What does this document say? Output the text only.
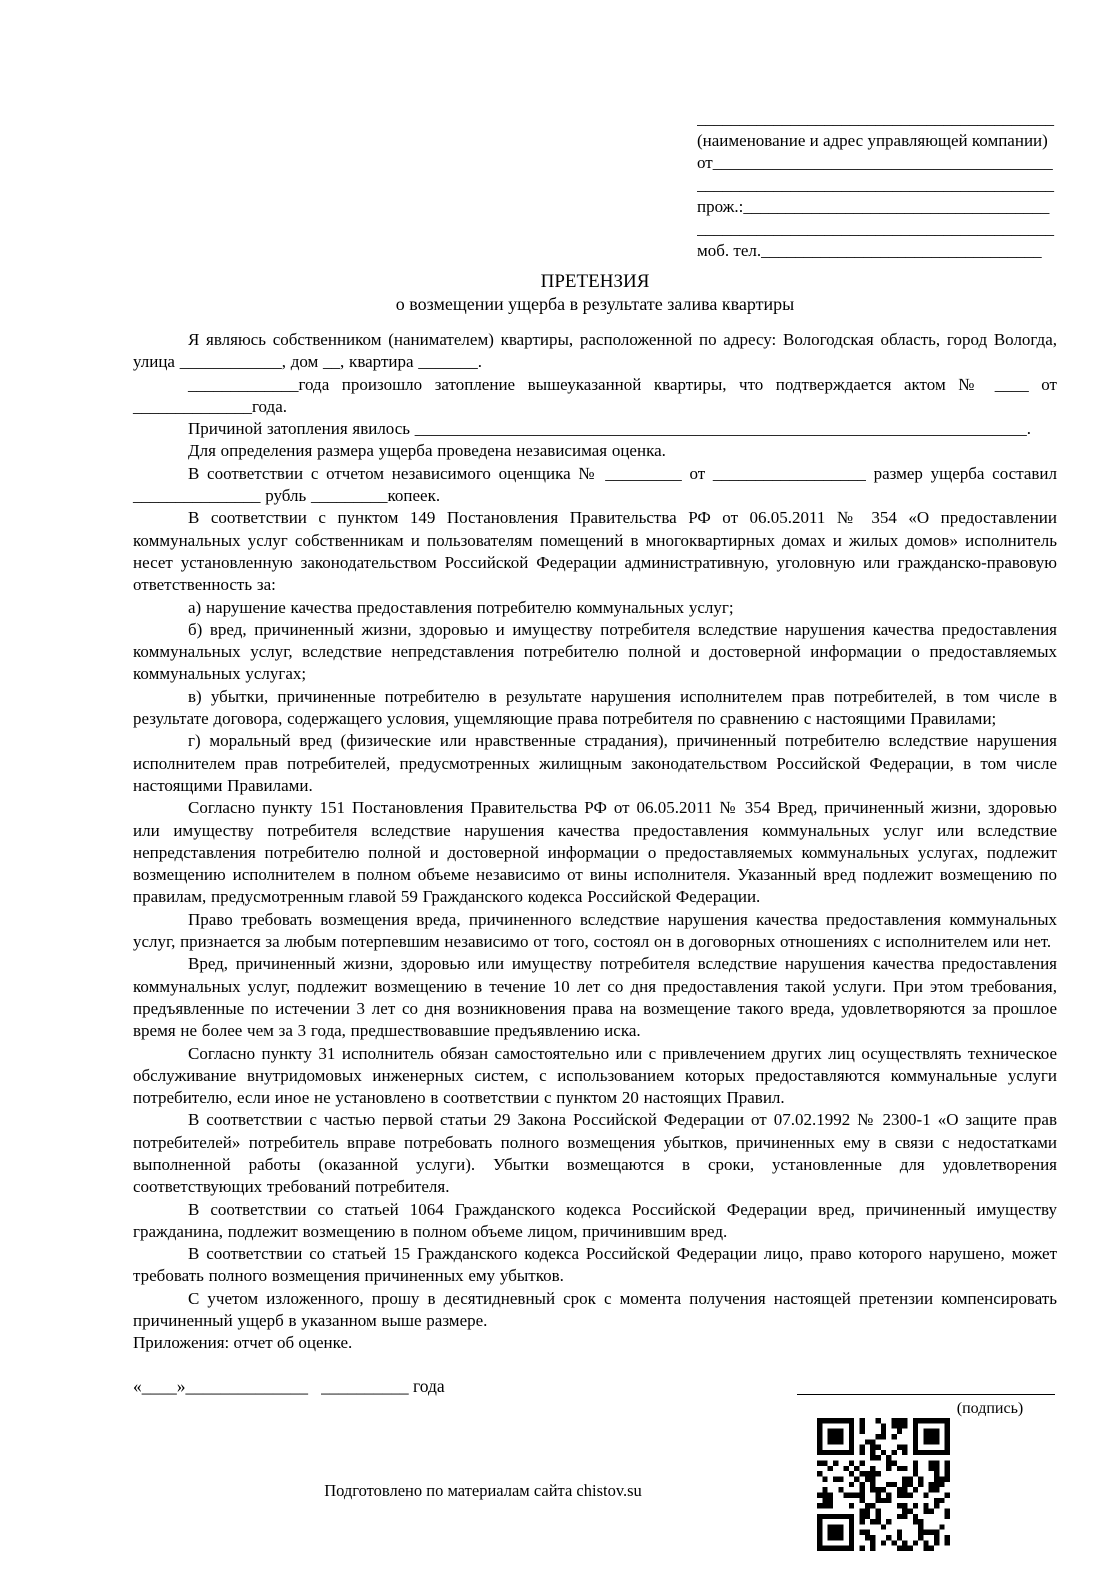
__________________________________________
(наименование и адрес управляющей компании)
от________________________________________
__________________________________________
прож.:____________________________________
__________________________________________
моб. тел._________________________________
ПРЕТЕНЗИЯ
о возмещении ущерба в результате залива квартиры

Я являюсь собственником (нанимателем) квартиры, расположенной по адресу: Вологодская область, город Вологда, улица ____________, дом __, квартира _______.

_____________года произошло затопление вышеуказанной квартиры, что подтверждается актом № ____ от ______________года.

Причиной затопления явилось ________________________________________________________________________.

Для определения размера ущерба проведена независимая оценка.

В соответствии с отчетом независимого оценщика № _________ от __________________ размер ущерба составил _______________ рубль _________копеек.

В соответствии с пунктом 149 Постановления Правительства РФ от 06.05.2011 № 354 «О предоставлении коммунальных услуг собственникам и пользователям помещений в многоквартирных домах и жилых домов» исполнитель несет установленную законодательством Российской Федерации административную, уголовную или гражданско-правовую ответственность за:

а) нарушение качества предоставления потребителю коммунальных услуг;

б) вред, причиненный жизни, здоровью и имуществу потребителя вследствие нарушения качества предоставления коммунальных услуг, вследствие непредставления потребителю полной и достоверной информации о предоставляемых коммунальных услугах;

в) убытки, причиненные потребителю в результате нарушения исполнителем прав потребителей, в том числе в результате договора, содержащего условия, ущемляющие права потребителя по сравнению с настоящими Правилами;

г) моральный вред (физические или нравственные страдания), причиненный потребителю вследствие нарушения исполнителем прав потребителей, предусмотренных жилищным законодательством Российской Федерации, в том числе настоящими Правилами.

Согласно пункту 151 Постановления Правительства РФ от 06.05.2011 № 354 Вред, причиненный жизни, здоровью или имуществу потребителя вследствие нарушения качества предоставления коммунальных услуг или вследствие непредставления потребителю полной и достоверной информации о предоставляемых коммунальных услугах, подлежит возмещению исполнителем в полном объеме независимо от вины исполнителя. Указанный вред подлежит возмещению по правилам, предусмотренным главой 59 Гражданского кодекса Российской Федерации.

Право требовать возмещения вреда, причиненного вследствие нарушения качества предоставления коммунальных услуг, признается за любым потерпевшим независимо от того, состоял он в договорных отношениях с исполнителем или нет.

Вред, причиненный жизни, здоровью или имуществу потребителя вследствие нарушения качества предоставления коммунальных услуг, подлежит возмещению в течение 10 лет со дня предоставления такой услуги. При этом требования, предъявленные по истечении 3 лет со дня возникновения права на возмещение такого вреда, удовлетворяются за прошлое время не более чем за 3 года, предшествовавшие предъявлению иска.

Согласно пункту 31 исполнитель обязан самостоятельно или с привлечением других лиц осуществлять техническое обслуживание внутридомовых инженерных систем, с использованием которых предоставляются коммунальные услуги потребителю, если иное не установлено в соответствии с пунктом 20 настоящих Правил.

В соответствии с частью первой статьи 29 Закона Российской Федерации от 07.02.1992 № 2300-1 «О защите прав потребителей» потребитель вправе потребовать полного возмещения убытков, причиненных ему в связи с недостатками выполненной работы (оказанной услуги). Убытки возмещаются в сроки, установленные для удовлетворения соответствующих требований потребителя.

В соответствии со статьей 1064 Гражданского кодекса Российской Федерации вред, причиненный имуществу гражданина, подлежит возмещению в полном объеме лицом, причинившим вред.

В соответствии со статьей 15 Гражданского кодекса Российской Федерации лицо, право которого нарушено, может требовать полного возмещения причиненных ему убытков.

С учетом изложенного, прошу в десятидневный срок с момента получения настоящей претензии компенсировать причиненный ущерб в указанном выше размере.

Приложения: отчет об оценке.

«____»______________   __________ года
(подпись)
Подготовлено по материалам сайта chistov.su
